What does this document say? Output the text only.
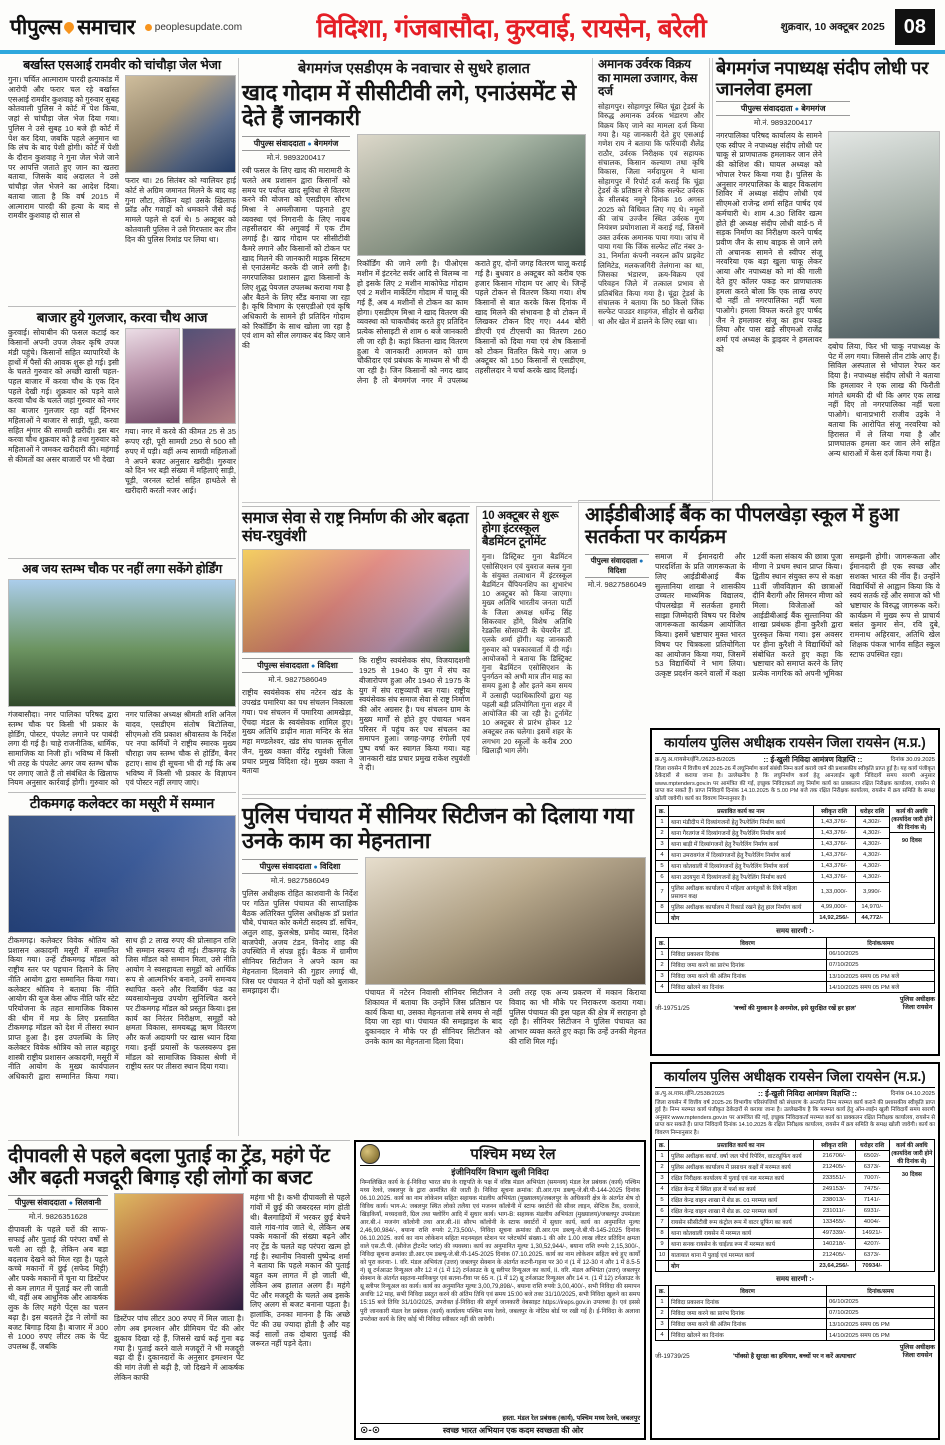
पीपुल्स समाचार peoplesupdate.com	विदिशा, गंजबासौदा, कुरवाई, रायसेन, बरेली	शुक्रवार, 10 अक्टूबर 2025 08
बर्खास्त एसआई रामवीर को चांचौड़ा जेल भेजा
गुना। चर्चित आत्माराम पारदी हत्याकांड में आरोपी और फरार चल रहे बर्खास्त एसआई रामवीर कुशवाह को गुरुवार सुबह कोतवाली पुलिस ने कोर्ट में पेश किया, जहां से चांचौड़ा जेल भेज दिया गया। पुलिस ने उसे सुबह 10 बजे ही कोर्ट में पेश कर दिया, जबकि पहले अनुमान था कि लंच के बाद पेशी होगी। कोर्ट में पेशी के दौरान कुशवाह ने गुना जेल भेजे जाने पर आपत्ति जताते हुए जान का खतरा बताया, जिसके बाद अदालत ने उसे चांचौड़ा जेल भेजने का आदेश दिया। बताया जाता है कि वर्ष 2015 में आत्माराम पारदी की हत्या के बाद से रामवीर कुशवाह दो साल से
फरार था। 26 सितंबर को ग्वालियर हाई कोर्ट से अग्रिम जमानत मिलने के बाद वह गुना लौटा, लेकिन यहां उसके खिलाफ फ्रॉड और गवाहों को धमकाने जैसे कई मामले पहले से दर्ज थे। 5 अक्टूबर को कोतवाली पुलिस ने उसे गिरफ्तार कर तीन दिन की पुलिस रिमांड पर लिया था।
बाजार हुये गुलजार, करवा चौथ आज
कुरवाई। सोयाबीन की फसल कटाई कर किसानों अपनी उपज लेकर कृषि उपज मंडी पहुंचे। किसानों सहित व्यापारियों के हाथों में पैसों की आवक शुरू हो गई। इसी के चलते गुरुवार को अच्छी खासी चहल-पहल बाजार में करवा चौथ के एक दिन पहले देखी गई। शुक्रवार को पड़ने वाले करवा चौथ के चलते जहां गुरुवार को नगर का बाजार गुलजार रहा वहीं दिनभर महिलाओं ने बाजार से साड़ी, चूड़ी, करवा सहित शृंगार की सामग्री खरीदी। इस बार करवा चौथ शुक्रवार को है तथा गुरुवार को महिलाओं ने जमकर खरीदारी की। महंगाई से कीमतों का असर बाजारों पर भी देखा
गया। नगर में करवे की कीमत 25 से 35 रूपए रही, पूरी सामग्री 250 से 500 सौ रुपए में पड़ी। वहीं अन्य सामग्री महिलाओं ने अपने बजट अनुसार खरीदी। गुरुवार को दिन भर बड़ी संख्या में महिलाएं साड़ी, चूड़ी, जरनल स्टोर्स सहित हाथठेले से खरीदारी करती नजर आई।
अब जय स्तम्भ चौक पर नहीं लगा सकेंगे होर्डिंग
गंजबासौदा। नगर पालिका परिषद द्वारा स्तम्भ चौक पर किसी भी प्रकार के होर्डिंग, पोस्टर, पंपलेट लगाने पर पाबंदी लगा दी गई है। चाहे राजनीतिक, धार्मिक, सामाजिक या निजी हों। भविष्य में किसी भी तरह के पंपलेट अगर जय स्तम्भ चौक पर लगाए जाते हैं तो संबंधित के खिलाफ नियम अनुसार कार्रवाई होगी। गुरुवार को नगर पालिका अध्यक्ष श्रीमती शशि अनिल यादव, एसडीएम संतोष बिटोलिया, सीएमओ रवि प्रकाश श्रीवास्तव के निर्देश पर नपा कर्मियों ने राष्ट्रीय स्मारक मुख्य चौराहा जय स्तम्भ चौक से होर्डिंग, बैनर हटाए। साथ ही सूचना भी दी गई कि अब भविष्य में किसी भी प्रकार के विज्ञापन एवं पोस्टर नहीं लगाए जाएं।
टीकमगढ़ कलेक्टर का मसूरी में सम्मान
टीकमगढ़। कलेक्टर विवेक श्रोतिय को प्रशासन अकादमी मसूरी में सम्मानित किया गया। उन्हें टीकमगढ़ मॉडल को राष्ट्रीय स्तर पर पहचान दिलाने के लिए नीति आयोग द्वारा सम्मानित किया गया। कलेक्टर श्रोतिय ने बताया कि नीति आयोग की यूज केस ऑफ नीति फॉर स्टेट परियोजना के तहत सामाजिक विकास की थीम में मप्र के लिए प्रस्तावित टीकमगढ़ मॉडल को देश में तीसरा स्थान प्राप्त हुआ है। इस उपलब्धि के लिए कलेक्टर विवेक श्रोत्रिय को लाल बहादुर शास्त्री राष्ट्रीय प्रशासन अकादमी, मसूरी में नीति आयोग के मुख्य कार्यपालन अधिकारी द्वारा सम्मानित किया गया। साथ ही 2 लाख रुपए की प्रोत्साहन राशि भी सम्मान स्वरूप दी गई। टीकमगढ़ के जिस मॉडल को सम्मान मिला, उसे नीति आयोग ने स्वसहायता समूहों को आर्थिक रूप से आत्मनिर्भर बनाने, उनमें समन्वय स्थापित करने और रिवार्बिंग फंड का व्यवसायोन्मुख उपयोग सुनिश्चित करने पर टीकमगढ़ मॉडल को प्रस्तुत किया। इस कार्य का निरंतर निरीक्षण, समूहों को क्षमता विकास, समयबद्ध ऋण वितरण और कर्ज अदायगी पर खास ध्यान दिया गया। इन्हीं प्रयासों के फलस्वरूप इस मॉडल को सामाजिक विकास श्रेणी में राष्ट्रीय स्तर पर तीसरा स्थान दिया गया।
दीपावली से पहले बदला पुताई का ट्रेंड, महंगे पेंट और बढ़ती मजदूरी बिगाड़ रही लोगों का बजट
पीपुल्स संवाददाता ● सिलवानी
मो.नं. 9826351628
दीपावली के पहले घरों की साफ-सफाई और पुताई की परंपरा वर्षों से चली आ रही है, लेकिन अब बड़ा बदलाव देखने को मिल रहा है। पहले कच्चे मकानों में छुई (सफेद मिट्टी) और पक्के मकानों में चूना या डिस्टेंपर से कम लागत में पुताई कर ली जाती थी, वहीं अब आधुनिक और आकर्षक लुक के लिए महंगे पेंट्स का चलन बढ़ा है। इस बदलते ट्रेंड ने लोगों का बजट बिगाड़ दिया है। बाजार में 300 से 1000 रुपए लीटर तक के पेंट उपलब्ध हैं, जबकि
डिस्टेंपर पांच लीटर 300 रुपए में मिल जाता है। लोग अब इमल्शन और प्रीमियम पेंट की ओर झुकाव दिखा रहे हैं, जिससे खर्च कई गुना बढ़ गया है। पुताई करने वाले मजदूरों ने भी मजदूरी बढ़ा दी है। दुकानदारों के अनुसार इमल्शन पेंट की मांग तेजी से बढ़ी है, जो दिखने में आकर्षक लेकिन काफी
महंगा भी है। कभी दीपावली से पहले गांवों में छुई की जबरदस्त मांग होती थी। बैलगाड़ियों में भरकर छुई बेचने वाले गांव-गांव जाते थे, लेकिन अब पक्के मकानों की संख्या बढ़ने और नए ट्रेंड के चलते यह परंपरा खत्म हो गई है। स्थानीय निवासी पुष्पेन्द्र शर्मा ने बताया कि पहले मकान की पुताई बहुत कम लागत में हो जाती थी, लेकिन अब हालात अलग हैं। महंगे पेंट और मजदूरी के चलते अब इसके लिए अलग से बजट बनाना पड़ता है। हालांकि, उनका मानना है कि अच्छे पेंट की उम्र ज्यादा होती है और यह कई सालों तक दोबारा पुताई की जरूरत नहीं पड़ने देता।
बेगमगंज एसडीएम के नवाचार से सुधरे हालात
खाद गोदाम में सीसीटीवी लगे, एनाउंसमेंट से देते हैं जानकारी
पीपुल्स संवाददाता ● बेगमगंज
मो.नं. 9893200417
रबी फसल के लिए खाद की मारामारी के चलते अब प्रशासन द्वारा किसानों को समय पर पर्याप्त खाद सुविधा से वितरण करने की योजना को एसडीएम सौरभ मिश्रा ने अमलीजामा पहनाते हुए व्यवस्था एवं निगरानी के लिए नायब तहसीलदार की अगुवाई में एक टीम लगाई है। खाद गोदाम पर सीसीटीवी कैमरे लगाने और किसानों को टोकन पर खाद मिलने की जानकारी माइक सिस्टम से एनाउंसमेंट करके दी जाने लगी है। नगरपालिका प्रशासन द्वारा किसानों के लिए शुद्ध पेयजल उपलब्ध कराया गया है और बैठने के लिए स्टैंड बनाया जा रहा है। कृषि विभाग के एसएडीओ एवं कृषि अधिकारी के सामने ही प्रतिदिन गोदाम को रिकॉर्डिंग के साथ खोला जा रहा है एवं शाम को सील लगाकर बंद किए जाने की
रिकॉर्डिंग की जाने लगी है। पीओएस मशीन में इंटरनेट सर्वर आदि से विलम्ब ना हो इसके लिए 2 मशीन माकोफेड गोदाम एवं 2 मशीन मार्केटिंग गोदाम में चालू की गई हैं, अब 4 मशीनों से टोकन का काम होगा। एसडीएम मिश्रा ने खाद वितरण की व्यवस्था को चाकचौबंद करते हुए प्रतिदिन प्रत्येक सोसाइटी से शाम 6 बजे जानकारी ली जा रही है। कहां कितना खाद वितरण हुआ ये जानकारी आमजन को ग्राम चौकीदार एवं प्रबंधक के माध्यम से भी दी जा रही है। जिन किसानों को नगद खाद लेना है तो बेगमगंज नगर में उपलब्ध कराते हुए, दोनों जगह वितरण चालू कराई गई है। बुधवार 8 अक्टूबर को करीब एक हजार किसान गोदाम पर आए थे। जिन्हें पहले टोकन से वितरण किया गया। शेष किसानों से बात करके किस दिनांक में खाद मिलने की संभावना है वो टोकन में लिखकर टोकन दिए गए। 444 बोरी डीएपी एवं टीएसपी का वितरण 260 किसानों को दिया गया एवं शेष किसानों को टोकन वितरित किये गए। आज 9 अक्टूबर को 150 किसानों से एसडीएम, तहसीलदार ने चर्चा करके खाद दिलाई।
अमानक उर्वरक विक्रय का मामला उजागर, केस दर्ज
सोहागपुर। सोहागपुर स्थित चूंद्रा ट्रेडर्स के विरुद्ध अमानक उर्वरक भंडारण और विक्रय किए जाने का मामला दर्ज किया गया है। यह जानकारी देते हुए एसआई गणेश राय ने बताया कि फरियादी शैलेंद्र राठौर, उर्वरक निरीक्षक एवं सहायक संचालक, किसान कल्याण तथा कृषि विकास, जिला नर्मदापुरम ने थाना सोहागपुर में रिपोर्ट दर्ज कराई कि चूंद्रा ट्रेडर्स के प्रतिष्ठान से जिंक सल्फेट उर्वरक के सीलबंद नमूने दिनांक 16 अगस्त 2025 को विधिवत लिए गए थे। नमूनों की जांच उज्जैन स्थित उर्वरक गुण नियंत्रण प्रयोगशाला में कराई गई, जिसमें उक्त उर्वरक अमानक पाया गया। जांच में पाया गया कि जिंक सल्फेट लॉट नंबर 3-31, निर्माता कंपनी नवरत्न क्रॉप प्राइवेट लिमिटेड, मलकजगिरी तेलंगाना का था, जिसका भंडारण, क्रय-विक्रय एवं परिवहन जिले में तत्काल प्रभाव से प्रतिबंधित किया गया है। चूंद्रा ट्रेडर्स के संचालक ने बताया कि 50 किलो जिंक सल्फेट पाउडर शाहगंज, सीहोर से खरीदा था और खेत में डालने के लिए रखा था।
बेगमगंज नपाध्यक्ष संदीप लोधी पर जानलेवा हमला
पीपुल्स संवाददाता ● बेगमगंज
मो.नं. 9893200417
नगरपालिका परिषद कार्यालय के सामने एक स्वीपर ने नपाध्यक्ष संदीप लोधी पर चाकू से प्राणघातक हमलाकर जान लेने की कोशिश की। घायल अध्यक्ष को भोपाल रेफर किया गया है। पुलिस के अनुसार नगरपालिका के बाहर विकलांग शिविर में अध्यक्ष संदीप लोधी एवं सीएमओ राजेन्द्र शर्मा सहित पार्षद एवं कर्मचारी थे। शाम 4.30 शिविर खत्म होते ही अध्यक्ष संदीप लोधी वार्ड-5 में सड़क निर्माण का निरीक्षण करने पार्षद प्रवीण जैन के साथ बाइक से जाने लगे तो अचानक सामने से स्वीपर संजू नरवरिया एक बड़ा खुला चाकू लेकर आया और नपाध्यक्ष को मां की गाली देते हुए कॉलर पकड़ कर प्राणघातक हमला करते बोला कि एक लाख रुपए दो नहीं तो नगरपालिका नहीं चला पाओगे। हमला विफल करते हुए पार्षद जैन ने हमलावर संजू का हाथ पकड़ लिया और पास खड़े सीएमओ राजेंद्र शर्मा एवं अध्यक्ष के ड्राइवर ने हमलावर को	दबोच लिया, फिर भी चाकू नपाध्यक्ष के पेट में लग गया। जिससे तीन टांके आए हैं। सिविल अस्पताल से भोपाल रेफर कर दिया है। नपाध्यक्ष संदीप लोधी ने बताया कि हमलावर ने एक लाख की फिरौती मांगते धमकी दी थी कि अगर एक लाख नहीं दिए तो नगरपालिका नहीं चला पाओगे। थानाप्रभारी राजीव उइके ने बताया कि आरोपित संजू नरवरिया को हिरासत में ले लिया गया है और प्राणघातक हमला कर जान लेने सहित अन्य धाराओं में केस दर्ज किया गया है।
समाज सेवा से राष्ट्र निर्माण की ओर बढ़ता संघ-रघुवंशी
पीपुल्स संवाददाता ● विदिशा
मो.नं. 9827586049
राष्ट्रीय स्वयंसेवक संघ नटेरन खंड के उपखंड पमारिया का पथ संचलन निकाला गया। पथ संचलन में पमारिया आमखेड़ा, ऐंचदा मंडल के स्वयंसेवक शामिल हुए। मुख्य अतिथि डाढ़ीन माता मन्दिर के संत महा मण्डलेश्वर, खंड संघ चालक सुनील जैन, मुख्य वक्ता वीरेंद्र रघुवंशी जिला प्रचार प्रमुख विदिशा रहे। मुख्य वक्ता ने बताया
कि राष्ट्रीय स्वयंसेवक संघ, विजयादशमी 1925 से 1940 के युग में संघ का बीजारोपण हुआ और 1940 से 1975 के युग में संघ राष्ट्रव्यापी बन गया। राष्ट्रीय स्वयंसेवक संघ समाज सेवा से राष्ट्र निर्माण की ओर अग्रसर है। पथ संचलन ग्राम के मुख्य मार्गों से होते हुए पंचायत भवन परिसर में पहुंच कर पथ संचलन का समापन हुआ। जगह-जगह रंगोली एवं पुष्प वर्षा कर स्वागत किया गया। यह जानकारी खंड प्रचार प्रमुख राकेश रघुवंशी ने दी।
10 अक्टूबर से शुरू होगा इंटरस्कूल बैडमिंटन टूर्नामेंट
गुना। डिस्ट्रिक्ट गुना बैडमिंटन एसोसिएशन एवं युवराज क्लब गुना के संयुक्त तत्वाधान में इंटरस्कूल बैडमिंटन चैंपियनशिप का शुभारंभ 10 अक्टूबर को किया जाएगा। मुख्य अतिथि भारतीय जनता पार्टी के जिला अध्यक्ष धर्मेन्द्र सिंह सिकरवार होंगे, विशेष अतिथि रेडक्रॉस सोसायटी के चेयरमैन डॉ. एलके शर्मा होंगी। यह जानकारी गुरुवार को पत्रकारवार्ता में दी गई। आयोजकों ने बताया कि डिस्ट्रिक्ट गुना बैडमिंटन एसोसिएशन के पुनर्गठन को अभी मात्र तीन माह का समय हुआ है और इतने कम समय में उत्साही पदाधिकारियों द्वारा यह पहली बड़ी प्रतियोगिता गुना शहर में आयोजित की जा रही है। टूर्नामेंट 10 अक्टूबर से प्रारंभ होकर 12 अक्टूबर तक चलेगा। इसमें शहर के लगभग 20 स्कूलों के करीब 200 खिलाड़ी भाग लेंगे।
आईडीबीआई बैंक का पीपलखेड़ा स्कूल में हुआ सतर्कता पर कार्यक्रम
पीपुल्स संवाददाता ● विदिशा
मो.नं. 9827586049
समाज में ईमानदारी और पारदर्शिता के प्रति जागरूकता के लिए आईडीबीआई बैंक सुल्तानिया शाखा ने शासकीय उच्चतर माध्यमिक विद्यालय, पीपलखेड़ा में सतर्कता हमारी साझा जिम्मेदारी विषय पर विशेष जागरूकता कार्यक्रम आयोजित किया। इसमें भ्रष्टाचार मुक्त भारत विषय पर चित्रकला प्रतियोगिता का आयोजन किया गया, जिसमें 53 विद्यार्थियों ने भाग लिया। उत्कृष्ट प्रदर्शन करने वालों में कक्षा 12वीं कला संकाय की छात्रा पूजा मीणा ने प्रथम स्थान प्राप्त किया। द्वितीय स्थान संयुक्त रूप से कक्षा 11वीं जीवविज्ञान की छात्राओं दीनि बैरागी और सिमरन मीणा को मिला। विजेताओं को आईडीबीआई बैंक सुल्तानिया की शाखा प्रबंधक हीना कुरैशी द्वारा पुरस्कृत किया गया। इस अवसर पर हीना कुरैशी ने विद्यार्थियों को संबोधित करते हुए कहा कि भ्रष्टाचार को समाप्त करने के लिए प्रत्येक नागरिक को अपनी भूमिका समझनी होगी। जागरूकता और ईमानदारी ही एक स्वच्छ और सशक्त भारत की नींव हैं। उन्होंने विद्यार्थियों से आह्वान किया कि वे स्वयं सतर्क रहें और समाज को भी भ्रष्टाचार के विरुद्ध जागरूक करें। कार्यक्रम में मुख्य रूप से प्राचार्य बसंत कुमार सेन, रवि दुबे, रामनाथ अहिरवार, अतिथि खेल शिक्षक पंकज भार्गव सहित स्कूल स्टाफ उपस्थित रहा।
पुलिस पंचायत में सीनियर सिटीजन को दिलाया गया उनके काम का मेहनताना
पीपुल्स संवाददाता ● विदिशा
मो.नं. 9827586049
पुलिस अधीक्षक रोहित काशवानी के निर्देश पर गठित पुलिस पंचायत की साप्ताहिक बैठक अतिरिक्त पुलिस अधीक्षक डॉ प्रशांत चौबे, पंचायत कोर कमेटी सदस्य डॉ. सचिन, अतुल शाह, कुलश्रेष्ठ, प्रमोद व्यास, दिनेश बाजपेयी, अजय टंडन, विनोद शाह की उपस्थिति में संपन्न हुई। बैठक में ग्रामीण सीनियर सिटीजन ने अपने काम का मेहनताना दिलवाने की गुहार लगाई थी, जिस पर पंचायत ने दोनों पक्षों को बुलाकर समझाइश दी।	पंचायत में नटेरन निवासी सीनियर सिटीजन ने शिकायत में बताया कि उन्होंने जिस प्रतिष्ठान पर कार्य किया था, उसका मेहनताना लंबे समय से नहीं दिया जा रहा था। पंचायत की समझाइश के बाद दुकानदार ने मौके पर ही सीनियर सिटीजन को उनके काम का मेहनताना दिला दिया।
उसी तरह एक अन्य प्रकरण में मकान किराया विवाद का भी मौके पर निराकरण कराया गया। पुलिस पंचायत की इस पहल की क्षेत्र में सराहना हो रही है। सीनियर सिटीजन ने पुलिस पंचायत का आभार व्यक्त करते हुए कहा कि उन्हें उनकी मेहनत की राशि मिल गई।
पश्चिम मध्य रेल
इंजीनियरिंग विभाग खुली निविदा
निम्नलिखित कार्य के ई-निविदा भारत संघ के राष्ट्रपति के पक्ष में वरिष्ठ मंडल अभियंता (समन्वय) मंडल रेल प्रबंधक (कार्य) पश्चिम मध्य रेलवे, जबलपुर के द्वारा आमंत्रित की जाती है। निविदा सूचना क्रमांक: डी.आर.एम डब्ल्यू-जे.बी.पी-144-2025 दिनांक 06.10.2025. कार्य का नाम लोकेशन सहितः सहायक मंडलीय अभियंता (मुख्यालय)/जबलपुर के अधिकारी क्षेत्र के अंतर्गत शेष दो विविध कार्य। भाग-A: जबलपुर स्थित लोको तलैया एवं मजनन कॉलोनी में स्टाफ क्वार्टरों की सीवर लाइन, सेप्टिक टैंक, दरवाजे, खिड़कियाँ, मध्यदवारी, ग्रिल तथा फ्लोरिंग आदि में सुधार कार्य। भाग-B: सहायक मंडलीय अभियंता (मुख्यालय)/जबलपुर उपमंडलः आर.बी.-I मजनंग कॉलोनी तथा आर.बी.-III सौरभ कॉलोनी के स्टाफ क्वार्टरों में सुधार कार्य, कार्य का अनुमानित मूल्यः 2,46,90,984/-, बयाना राशि रुपयेः 2,73,500/-, निविदा सूचना क्रमांकः डी.आर.एम डब्ल्यू-जे.बी.पी-145-2025 दिनांक 06.10.2025. कार्य का नाम लोकेशन सहितः मदनमहल स्टेशन पर प्लेटफॉर्म संख्या-1 की ओर 1.00 लाख लीटर प्रतिदिन क्षमता वाले एस.टी.पी. (सीवेज ट्रीटमेंट प्लांट) की व्यवस्था। कार्य का अनुमानित मूल्यः 1,30,52,944/-, बयाना राशि रुपयेः 2,15,300/-, निविदा सूचना क्रमांकः डी.आर.एम डब्ल्यू-जे.बी.पी-145-2025 दिनांक 07.10.2025. कार्य का नाम लोकेशन सहितः बचे हुए कार्यों को पूरा करनाः- I. वरि. मंडल अभियंता (उत्तर) जबलपुर सेक्शन के अंतर्गत कटनी-गहना पर 30 नं (1 में 12-30 नं और 1 में 8.5-5 नं) थ्रू टर्नआउट रिन्यूअल और 12 नं (1 में 12) टर्नआउट के थ्रू स्लीपर रिन्यूअल का कार्य, II. वरि. मंडल अभियंता (उत्तर) जबलपुर सेक्शन के अंतर्गत सहतना-मानिकपुर एवं सतना-रीवा पर 65 न. (1 में 12) थ्रू टर्नआउट रिन्यूअल और 14 न. (1 में 12) टर्नआउट के थ्रू स्लीपर रिन्यूअल का कार्य। कार्य का अनुमानित मूल्यः 3,00,79,898/-, बयाना राशि रुपयेः 3,00,400/-, सभी निविदा की समापन अवधिः 12 माह, सभी निविदा प्रस्तुत करने की अंतिम तिथि एवं समय 15:00 बजे तकः 31/10/2025, सभी निविदा खुलने का समय 15:15 बजे तिथिः 31/10/2025, उपरोक्त ई-निविदा की संपूर्ण जानकारी वेबसाइट https://ireps.gov.in उपलब्ध है। एवं इससे पूरी जानकारी मंडल रेल प्रबंधक (कार्य) कार्यालय पश्चिम मध्य रेलवे, जबलपुर के नोटिस बोर्ड पर रखी गई है। ई-निविदा के अलावा उपरोक्त कार्य के लिए कोई भी निविदा स्वीकार नहीं की जावेगी।
हस्ता. मंडल रेल प्रबंधक (कार्य), पश्चिम मध्य रेलवे, जबलपुर
⊙-⊙	स्वच्छ भारत अभियान एक कदम स्वच्छता की ओर
कार्यालय पुलिस अधीक्षक रायसेन जिला रायसेन (म.प्र.)
क्र./पु.अ./रायसेन/ईनि./2623-B/2025	:: ई-खुली निविदा आमंत्रण विज्ञप्ति ::	दिनांक 30.09.2025
जिला रायसेन में वित्तीय वर्ष 2025-26 में लघुनिर्माण कार्य संबंधी निम्न कार्य कराये जाने की प्रशासकीय स्वीकृति प्राप्त हुई है। यह कार्य पंजीकृत ठेकेदारों से कराया जाना है। उल्लेखनीय है कि लघुनिर्माण कार्य हेतु आनलाईन खुली निविदायें समय सारणी अनुसार www.mptenders.gov.in पर आमंत्रित की गई, इच्छुक निविदाकर्ता लघु निर्माण कार्य का प्राक्कलन रक्षित निरीक्षक कार्यालय, रायसेन से प्राप्त कर सकते हैं। प्राप्त निविदायें दिनांक 14.10.2025 के 5.00 PM बजे तक रक्षित निरीक्षक कार्यालय, रायसेन में क्रय समिति के समक्ष खोली जावेगी। कार्य का विवरण निम्नानुसार है।
क्र.	प्रस्तावित कार्य का नाम	स्वीकृत राशि	धरोहर राशि
1	थाना मंडीदीप में दिव्यांगजनों हेतु रैंप/रेलिंग निर्माण कार्य	1,43,376/-	4,302/-
2	थाना गैरतगंज में दिव्यांगजनों हेतु रैंप/रेलिंग निर्माण कार्य	1,43,376/-	4,302/-
3	थाना बाड़ी में दिव्यांगजनों हेतु रैंप/रेलिंग निर्माण कार्य	1,43,376/-	4,302/-
4	थाना उमरावगंज में दिव्यांगजनों हेतु रैंप/रेलिंग निर्माण कार्य	1,43,376/-	4,302/-
5	थाना कोतवाली में दिव्यांगजनों हेतु रैंप/रेलिंग निर्माण कार्य	1,43,376/-	4,302/-
6	थाना उदयपुरा में दिव्यांगजनों हेतु रैंप/रेलिंग निर्माण कार्य	1,43,376/-	4,302/-
7	पुलिस अधीक्षक कार्यालय में महिला आगंतुकों के लिये महिला प्रसाधन कक्ष	1,33,000/-	3,990/-
8	पुलिस अधीक्षक कार्यालय में रिकार्ड रखने हेतु हाल निर्माण कार्य	4,99,000/-	14,970/-
	योग	14,92,256/-	44,772/-
कार्य की अवधि (कार्यादेश जारी होने की दिनांक से)
90 दिवस
समय सारणी :-
क्र.	विवरण	दिनांक/समय
1	निविदा प्रकाशन दिनांक	06/10/2025
2	निविदा जमा करने का प्रारंभ दिनांक	07/10/2025
3	निविदा जमा करने की अंतिम दिनांक	13/10/2025 समय 05 PM बजे
4	निविदा खोलने का दिनांक	14/10/2025 समय 05 PM बजे
जी-19751/25	'बच्चों की मुस्कान है अनमोल, इसे सुरक्षित रखें हर हाल'
पुलिस अधीक्षक
जिला रायसेन
कार्यालय पुलिस अधीक्षक रायसेन जिला रायसेन (म.प्र.)
क्र./पु.अ./रास./ईनि./2538/2025	:: ई-खुली निविदा आमंत्रण विज्ञप्ति ::	दिनांक 04.10.2025
जिला रायसेन में वित्तीय वर्ष 2025-26 विभागीय परिसंपत्तियों को संधारण के अन्तर्गत निम्न मरम्मत कार्य कराने की प्रशासकीय स्वीकृति प्राप्त हुई है। निम्न मरम्मत कार्य पंजीकृत ठेकेदारों से कराया जाना है। उल्लेखनीय है कि मरम्मत कार्य हेतु ऑन-लाईन खुली निविदायें समय सारणी अनुसार www.mptenders.gov.in पर आमंत्रित की गई, इच्छुक निविदाकर्ता मरम्मत कार्य का प्राक्कलन रक्षित निरीक्षक कार्यालय, रायसेन से प्राप्त कर सकते हैं। प्राप्त निविदायें दिनांक 14.10.2025 के रक्षित निरीक्षक कार्यालय, रायसेन में क्रय समिति के समक्ष खोली जावेगी। कार्य का विवरण निम्नानुसार है।
क्र.	प्रस्तावित कार्य का नाम	स्वीकृत राशि	धरोहर राशि
1	पुलिस अधीक्षक कार्या. वर्षा जल पोर्च रिपेरिंग, वाटरप्रूफिंग कार्य	216706/-	6502/-
2	पुलिस अधीक्षक कार्यालय में प्रसाधन कक्षों में मरम्मत कार्य	212405/-	6373/-
3	रक्षित निरीक्षक कार्यालय में पुताई एवं नल मरम्मत कार्य	233551/-	7007/-
4	रक्षित केन्द्र में स्थित हाल में फर्श का कार्य	249153/-	7475/-
5	रक्षित केन्द्र वाहन शाखा में शेड क्र. 01 मरम्मत कार्य	238013/-	7141/-
6	रक्षित केन्द्र वाहन शाखा में शेड क्र. 02 मरम्मत कार्य	231011/-	6931/-
7	रायसेन सीसीटीवी रूम कंट्रोल रूम में वाटर प्रूफिंग का कार्य	133455/-	4004/-
8	थाना कोतवाली रायसेन में मरम्मत कार्य	497339/-	14921/-
9	थाना सनक रायसेन के चाईल्ड रूम में मरम्मत कार्य	140218/-	4207/-
10	यातायात थाना में पुताई एवं मरम्मत कार्य	212405/-	6373/-
	योग	23,64,256/-	70934/-
कार्य की अवधि (कार्यादेश जारी होने की दिनांक से)
30 दिवस
समय सारणी :-
क्र.	विवरण	दिनांक/समय
1	निविदा प्रकाशन दिनांक	06/10/2025
2	निविदा जमा करने का प्रारंभ दिनांक	07/10/2025
3	निविदा जमा करने की अंतिम दिनांक	13/10/2025 समय 05 PM
4	निविदा खोलने का दिनांक	14/10/2025 समय 05 PM
जी-19739/25	'पॉक्सो है सुरक्षा का हथियार, बच्चों पर न करें अत्याचार'
पुलिस अधीक्षक
जिला रायसेन
